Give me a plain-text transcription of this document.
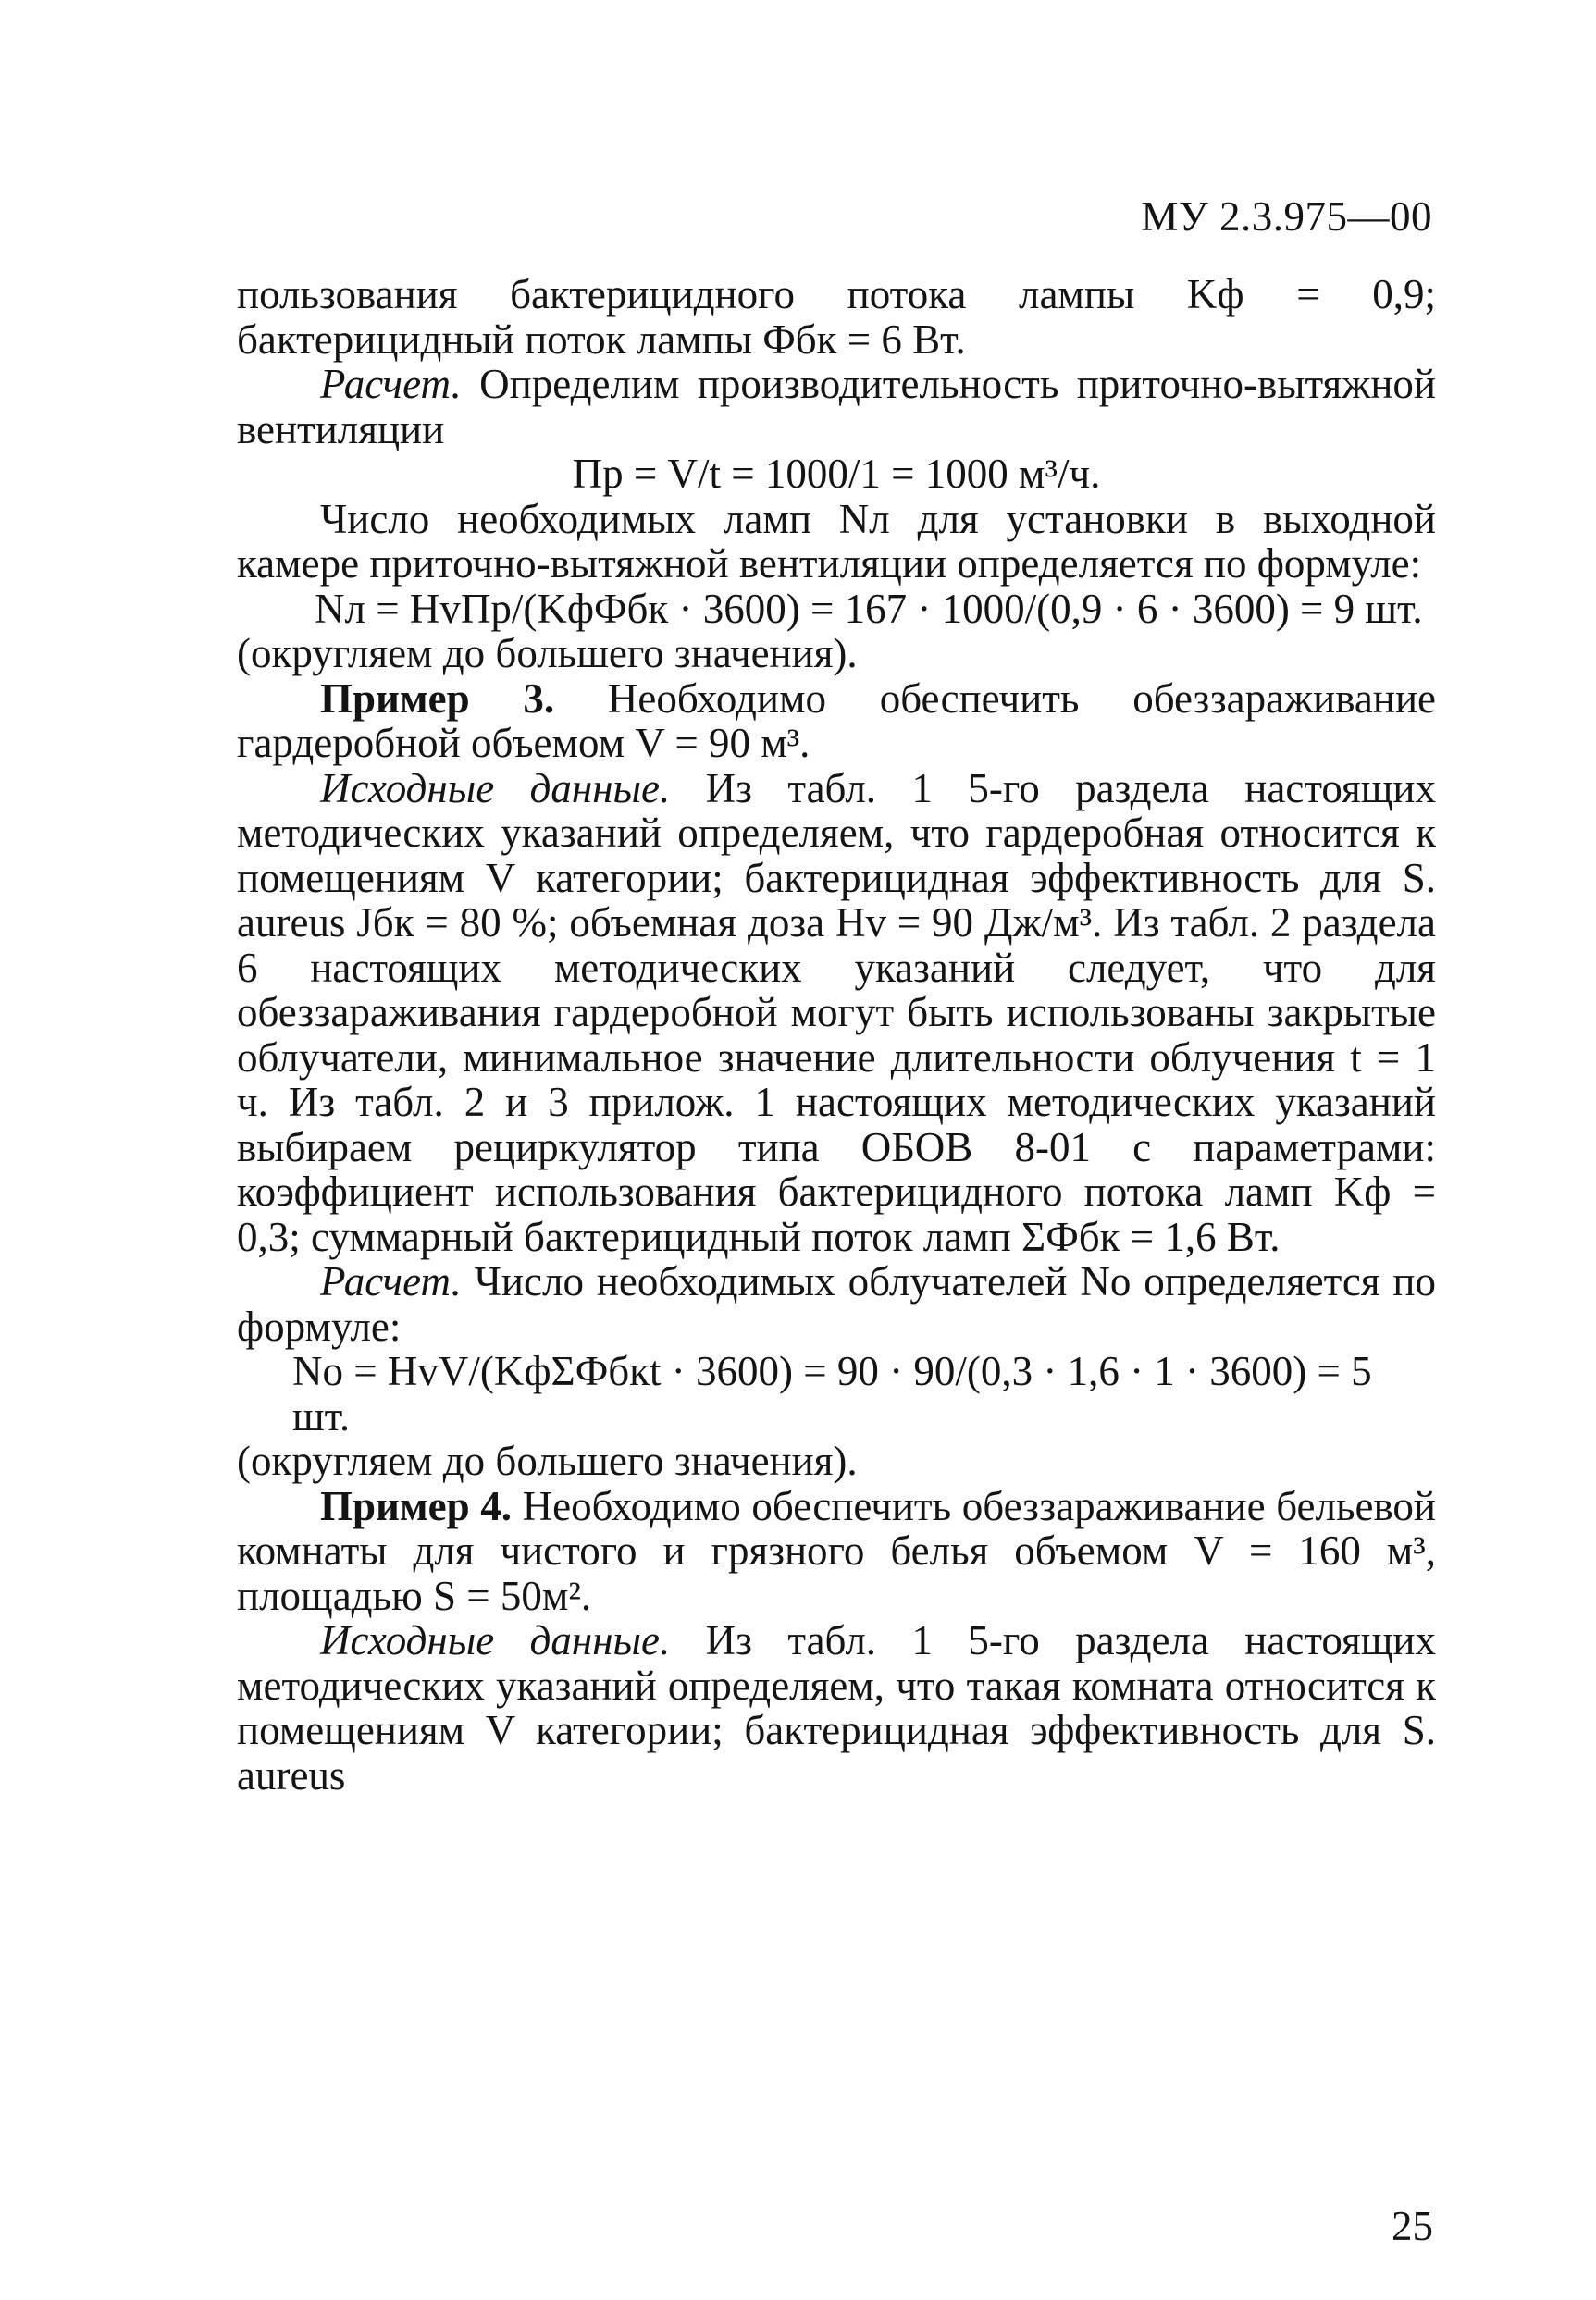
МУ 2.3.975—00

пользования бактерицидного потока лампы Kф = 0,9; бактерицидный поток лампы Фбк = 6 Вт.

Расчет. Определим производительность приточно-вытяжной вентиляции

Пр = V/t = 1000/1 = 1000 м³/ч.

Число необходимых ламп Nл для установки в выходной камере приточно-вытяжной вентиляции определяется по формуле:

Nл = HvПр/(KфФбк · 3600) = 167 · 1000/(0,9 · 6 · 3600) = 9 шт.

(округляем до большего значения).

Пример 3. Необходимо обеспечить обеззараживание гардеробной объемом V = 90 м³.

Исходные данные. Из табл. 1 5-го раздела настоящих методических указаний определяем, что гардеробная относится к помещениям V категории; бактерицидная эффективность для S. aureus Jбк = 80 %; объемная доза Hv = 90 Дж/м³. Из табл. 2 раздела 6 настоящих методических указаний следует, что для обеззараживания гардеробной могут быть использованы закрытые облучатели, минимальное значение длительности облучения t = 1 ч. Из табл. 2 и 3 прилож. 1 настоящих методических указаний выбираем рециркулятор типа ОБОВ 8-01 с параметрами: коэффициент использования бактерицидного потока ламп Kф = 0,3; суммарный бактерицидный поток ламп ΣФбк = 1,6 Вт.

Расчет. Число необходимых облучателей Nо определяется по формуле:

Nо = HvV/(KфΣФбкt · 3600) = 90 · 90/(0,3 · 1,6 · 1 · 3600) = 5 шт.

(округляем до большего значения).

Пример 4. Необходимо обеспечить обеззараживание бельевой комнаты для чистого и грязного белья объемом V = 160 м³, площадью S = 50м².

Исходные данные. Из табл. 1 5-го раздела настоящих методических указаний определяем, что такая комната относится к помещениям V категории; бактерицидная эффективность для S. aureus

25
